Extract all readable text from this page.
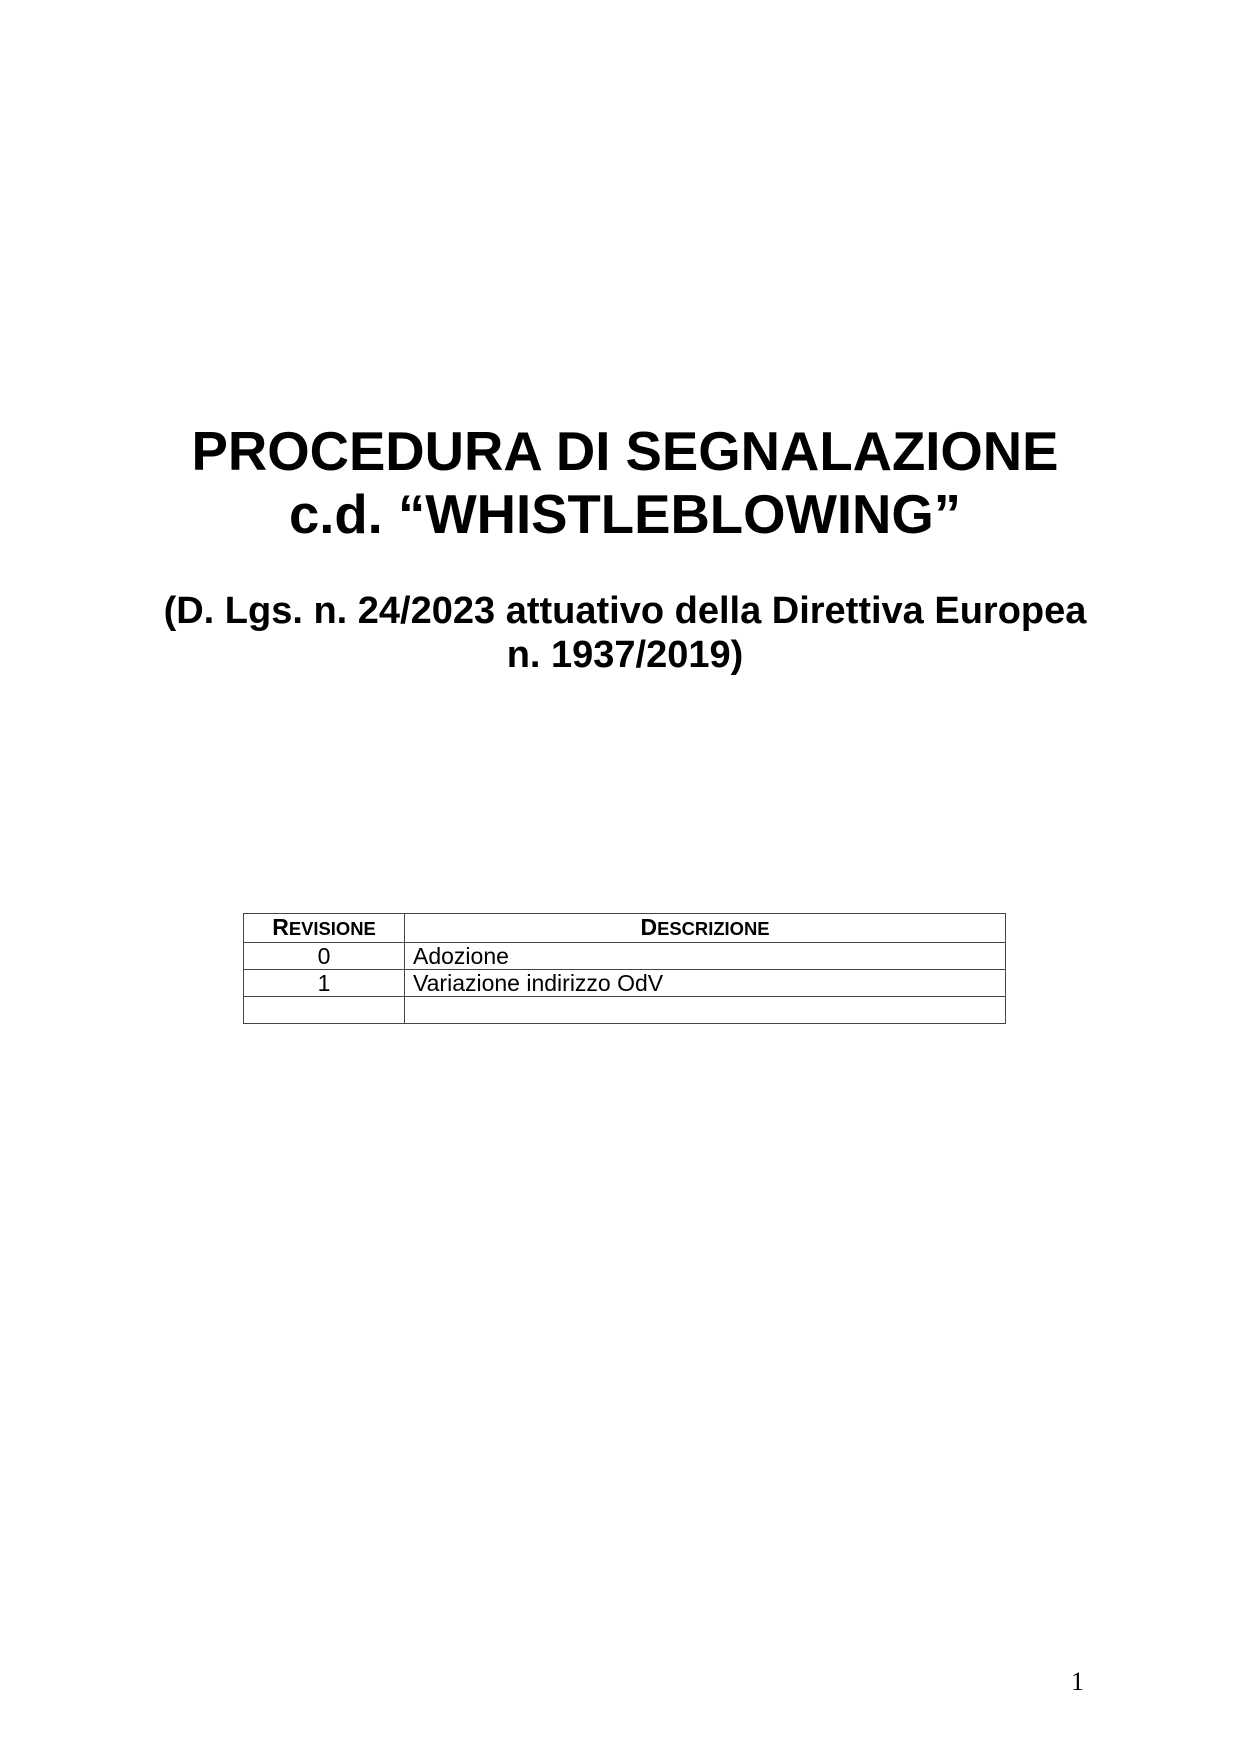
PROCEDURA DI SEGNALAZIONE
c.d. “WHISTLEBLOWING”
(D. Lgs. n. 24/2023 attuativo della Direttiva Europea
n. 1937/2019)
REVISIONE	DESCRIZIONE
0	Adozione
1	Variazione indirizzo OdV

1
